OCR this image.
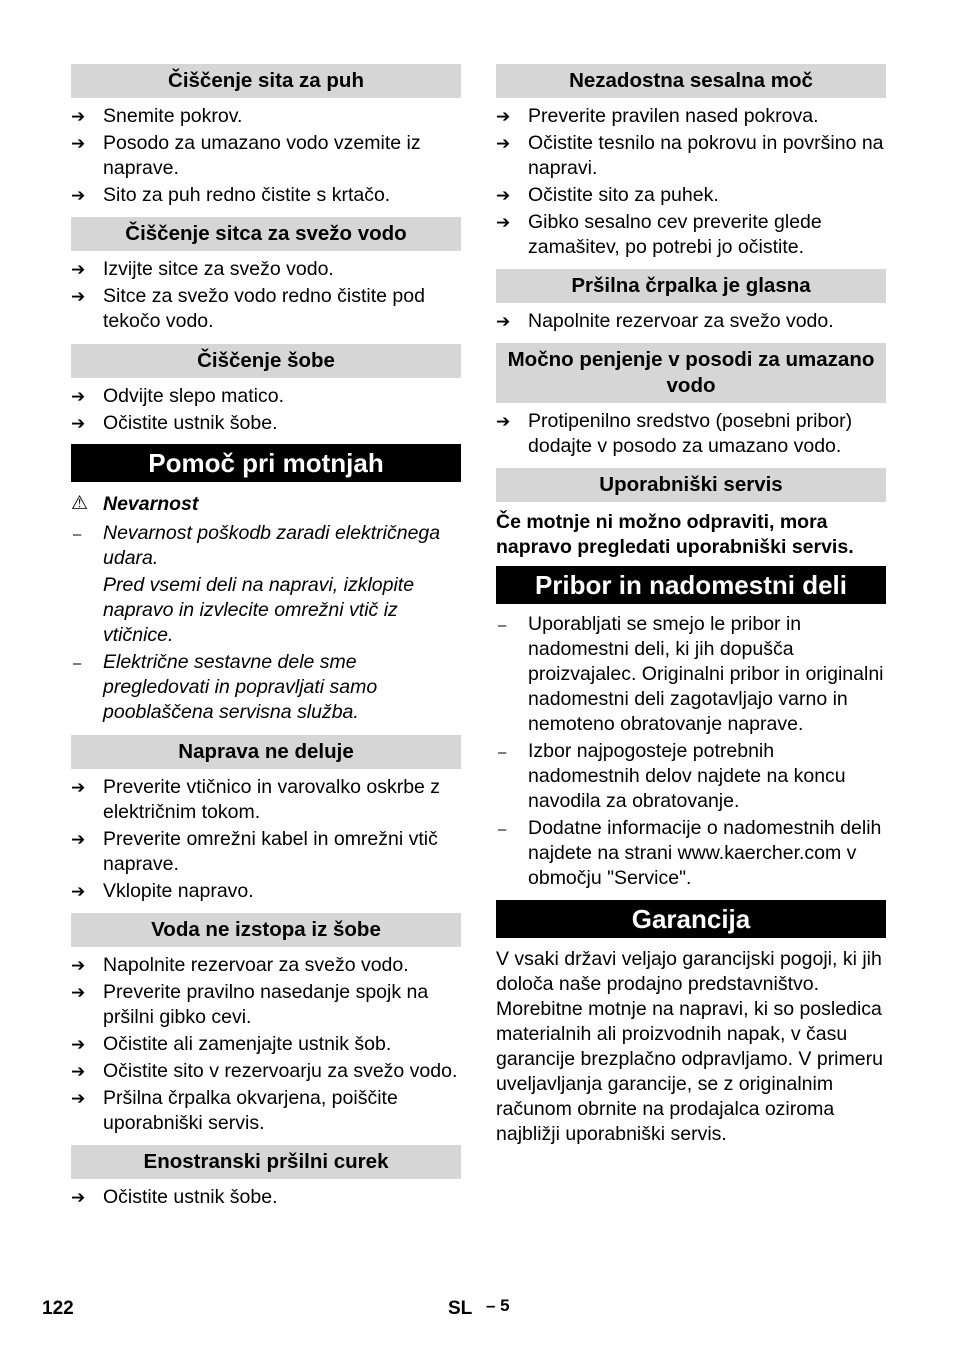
Čiščenje sita za puh
➔
Snemite pokrov.
➔
Posodo za umazano vodo vzemite iz napravе.
➔
Sito za puh redno čistite s krtačo.
Čiščenje sitca za svežo vodo
➔
Izvijte sitce za svežo vodo.
➔
Sitce za svežo vodo redno čistite pod tekočo vodo.
Čiščenje šobe
➔
Odvijte slepo matico.
➔
Očistite ustnik šobe.
Pomoč pri motnjah
⚠ Nevarnost
–
Nevarnost poškodb zaradi električnega udara.
Pred vsemi deli na napravi, izklopite napravo in izvlecite omrežni vtič iz vtičnice.
–
Električne sestavne dele sme pregledovati in popravljati samo pooblaščena servisna služba.
Naprava ne deluje
➔
Preverite vtičnico in varovalko oskrbe z električnim tokom.
➔
Preverite omrežni kabel in omrežni vtič naprave.
➔
Vklopite napravo.
Voda ne izstopa iz šobe
➔
Napolnite rezervoar za svežo vodo.
➔
Preverite pravilno nasedanje spojk na pršilni gibko cevi.
➔
Očistite ali zamenjajte ustnik šob.
➔
Očistite sito v rezervoarju za svežo vodo.
➔
Pršilna črpalka okvarjena, poiščite uporabniški servis.
Enostranski pršilni curek
➔
Očistite ustnik šobe.
Nezadostna sesalna moč
➔
Preverite pravilen nased pokrova.
➔
Očistite tesnilo na pokrovu in površino na napravi.
➔
Očistite sito za puhek.
➔
Gibko sesalno cev preverite glede zamašitev, po potrebi jo očistite.
Pršilna črpalka je glasna
➔
Napolnite rezervoar za svežo vodo.
Močno penjenje v posodi za umazano vodo
➔
Protipenilno sredstvo (posebni pribor) dodajte v posodo za umazano vodo.
Uporabniški servis
Če motnje ni možno odpraviti, mora napravo pregledati uporabniški servis.
Pribor in nadomestni deli
–
Uporabljati se smejo le pribor in nadomestni deli, ki jih dopušča proizvajalec. Originalni pribor in originalni nadomestni deli zagotavljajo varno in nemoteno obratovanje naprave.
–
Izbor najpogosteje potrebnih nadomestnih delov najdete na koncu navodila za obratovanje.
–
Dodatne informacije o nadomestnih delih najdete na strani www.kaercher.com v območju "Service".
Garancija
V vsaki državi veljajo garancijski pogoji, ki jih določa naše prodajno predstavništvo. Morebitne motnje na napravi, ki so posledica materialnih ali proizvodnih napak, v času garancije brezplačno odpravljamo. V primeru uveljavljanja garancije, se z originalnim računom obrnite na prodajalca oziroma najbližji uporabniški servis.
122	SL – 5
